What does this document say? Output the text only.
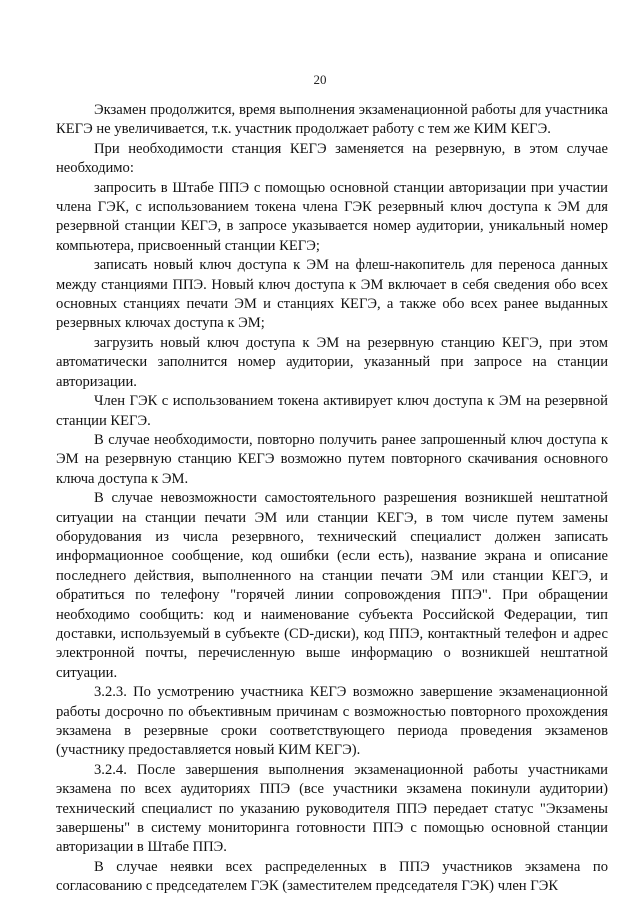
20

Экзамен продолжится, время выполнения экзаменационной работы для участника КЕГЭ не увеличивается, т.к. участник продолжает работу с тем же КИМ КЕГЭ.

При необходимости станция КЕГЭ заменяется на резервную, в этом случае необходимо:

запросить в Штабе ППЭ с помощью основной станции авторизации при участии члена ГЭК, с использованием токена члена ГЭК резервный ключ доступа к ЭМ для резервной станции КЕГЭ, в запросе указывается номер аудитории, уникальный номер компьютера, присвоенный станции КЕГЭ;

записать новый ключ доступа к ЭМ на флеш-накопитель для переноса данных между станциями ППЭ. Новый ключ доступа к ЭМ включает в себя сведения обо всех основных станциях печати ЭМ и станциях КЕГЭ, а также обо всех ранее выданных резервных ключах доступа к ЭМ;

загрузить новый ключ доступа к ЭМ на резервную станцию КЕГЭ, при этом автоматически заполнится номер аудитории, указанный при запросе на станции авторизации.

Член ГЭК с использованием токена активирует ключ доступа к ЭМ на резервной станции КЕГЭ.

В случае необходимости, повторно получить ранее запрошенный ключ доступа к ЭМ на резервную станцию КЕГЭ возможно путем повторного скачивания основного ключа доступа к ЭМ.

В случае невозможности самостоятельного разрешения возникшей нештатной ситуации на станции печати ЭМ или станции КЕГЭ, в том числе путем замены оборудования из числа резервного, технический специалист должен записать информационное сообщение, код ошибки (если есть), название экрана и описание последнего действия, выполненного на станции печати ЭМ или станции КЕГЭ, и обратиться по телефону "горячей линии сопровождения ППЭ". При обращении необходимо сообщить: код и наименование субъекта Российской Федерации, тип доставки, используемый в субъекте (CD-диски), код ППЭ, контактный телефон и адрес электронной почты, перечисленную выше информацию о возникшей нештатной ситуации.

3.2.3. По усмотрению участника КЕГЭ возможно завершение экзаменационной работы досрочно по объективным причинам с возможностью повторного прохождения экзамена в резервные сроки соответствующего периода проведения экзаменов (участнику предоставляется новый КИМ КЕГЭ).

3.2.4. После завершения выполнения экзаменационной работы участниками экзамена по всех аудиториях ППЭ (все участники экзамена покинули аудитории) технический специалист по указанию руководителя ППЭ передает статус "Экзамены завершены" в систему мониторинга готовности ППЭ с помощью основной станции авторизации в Штабе ППЭ.

В случае неявки всех распределенных в ППЭ участников экзамена по согласованию с председателем ГЭК (заместителем председателя ГЭК) член ГЭК
